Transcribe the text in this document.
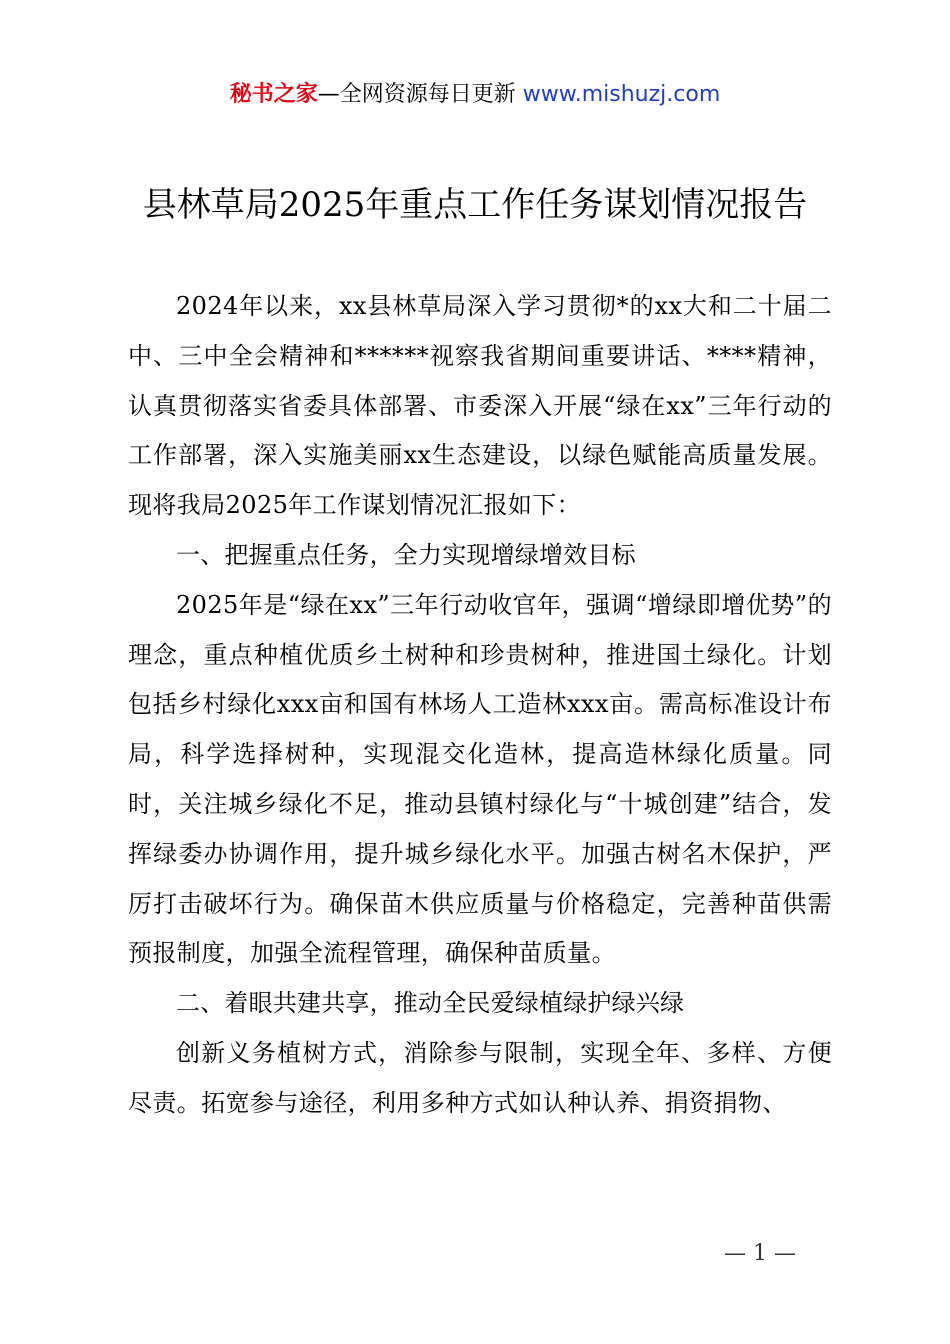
秘书之家—全网资源每日更新 www.mishuzj.com
县林草局2025年重点工作任务谋划情况报告

2024年以来，xx县林草局深入学习贯彻*的xx大和二十届二中、三中全会精神和******视察我省期间重要讲话、****精神，认真贯彻落实省委具体部署、市委深入开展“绿在xx”三年行动的工作部署，深入实施美丽xx生态建设，以绿色赋能高质量发展。现将我局2025年工作谋划情况汇报如下：

一、把握重点任务，全力实现增绿增效目标

2025年是“绿在xx”三年行动收官年，强调“增绿即增优势”的理念，重点种植优质乡土树种和珍贵树种，推进国土绿化。计划包括乡村绿化xxx亩和国有林场人工造林xxx亩。需高标准设计布局，科学选择树种，实现混交化造林，提高造林绿化质量。同时，关注城乡绿化不足，推动县镇村绿化与“十城创建”结合，发挥绿委办协调作用，提升城乡绿化水平。加强古树名木保护，严厉打击破坏行为。确保苗木供应质量与价格稳定，完善种苗供需预报制度，加强全流程管理，确保种苗质量。

二、着眼共建共享，推动全民爱绿植绿护绿兴绿

创新义务植树方式，消除参与限制，实现全年、多样、方便尽责。拓宽参与途径，利用多种方式如认种认养、捐资捐物、

— 1 —
